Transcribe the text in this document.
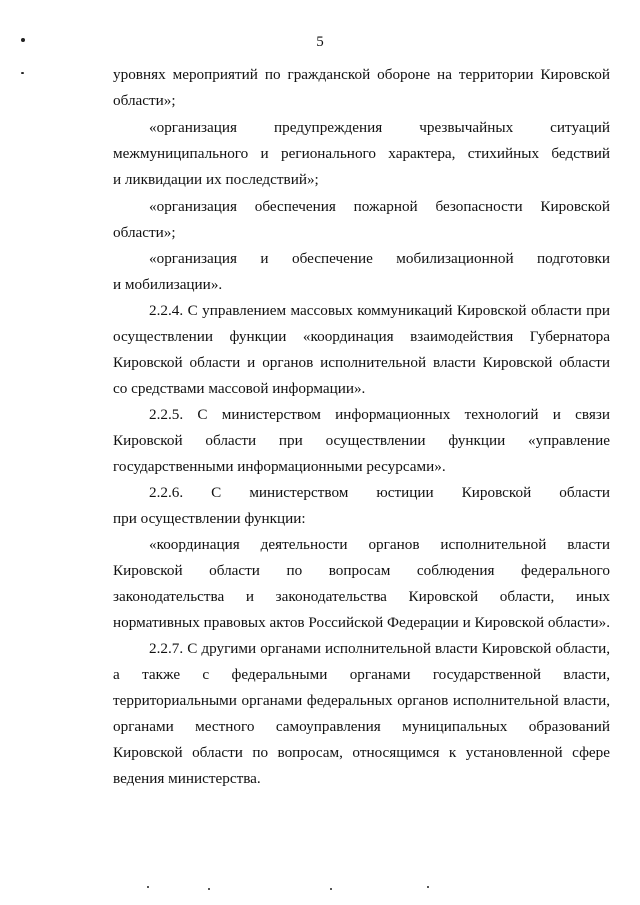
5
уровнях мероприятий по гражданской обороне на территории Кировской
области»;
«организация предупреждения чрезвычайных ситуаций
межмуниципального и регионального характера, стихийных бедствий
и ликвидации их последствий»;
«организация обеспечения пожарной безопасности Кировской
области»;
«организация и обеспечение мобилизационной подготовки
и мобилизации».
2.2.4. С управлением массовых коммуникаций Кировской области при
осуществлении функции «координация взаимодействия Губернатора
Кировской области и органов исполнительной власти Кировской области
со средствами массовой информации».
2.2.5. С министерством информационных технологий и связи
Кировской области при осуществлении функции «управление
государственными информационными ресурсами».
2.2.6. С министерством юстиции Кировской области
при осуществлении функции:
«координация деятельности органов исполнительной власти
Кировской области по вопросам соблюдения федерального
законодательства и законодательства Кировской области, иных
нормативных правовых актов Российской Федерации и Кировской области».
2.2.7. С другими органами исполнительной власти Кировской области,
а также с федеральными органами государственной власти,
территориальными органами федеральных органов исполнительной власти,
органами местного самоуправления муниципальных образований
Кировской области по вопросам, относящимся к установленной сфере
ведения министерства.
